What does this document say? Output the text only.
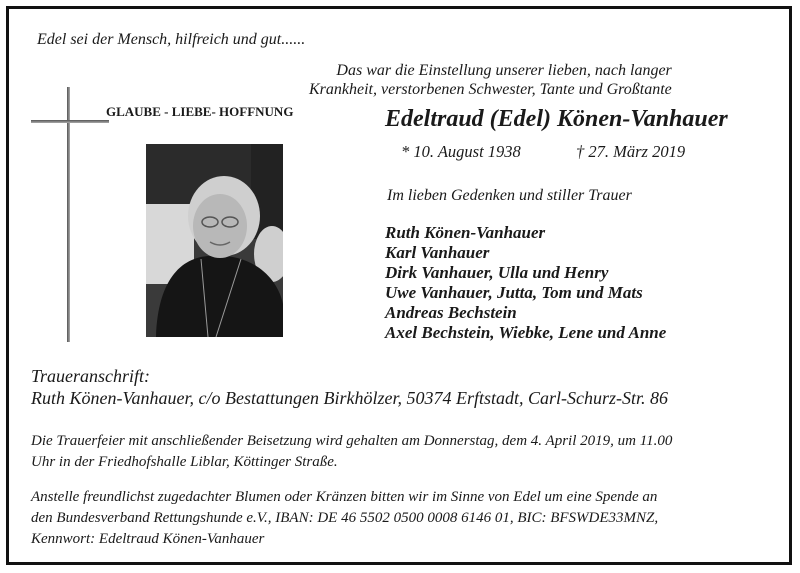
Edel sei der Mensch, hilfreich und gut......
Das war die Einstellung unserer lieben, nach langer
Krankheit, verstorbenen Schwester, Tante und Großtante
GLAUBE - LIEBE- HOFFNUNG	Edeltraud (Edel) Könen-Vanhauer
* 10. August 1938	† 27. März 2019
Im lieben Gedenken und stiller Trauer
Ruth Könen-Vanhauer
Karl Vanhauer
Dirk Vanhauer, Ulla und Henry
Uwe Vanhauer, Jutta, Tom und Mats
Andreas Bechstein
Axel Bechstein, Wiebke, Lene und Anne
Traueranschrift:
Ruth Könen-Vanhauer, c/o Bestattungen Birkhölzer, 50374 Erftstadt, Carl-Schurz-Str. 86
Die Trauerfeier mit anschließender Beisetzung wird gehalten am Donnerstag, dem 4. April 2019, um 11.00
Uhr in der Friedhofshalle Liblar, Köttinger Straße.
Anstelle freundlichst zugedachter Blumen oder Kränzen bitten wir im Sinne von Edel um eine Spende an
den Bundesverband Rettungshunde e.V., IBAN: DE 46 5502 0500 0008 6146 01, BIC: BFSWDE33MNZ,
Kennwort: Edeltraud Könen-Vanhauer
